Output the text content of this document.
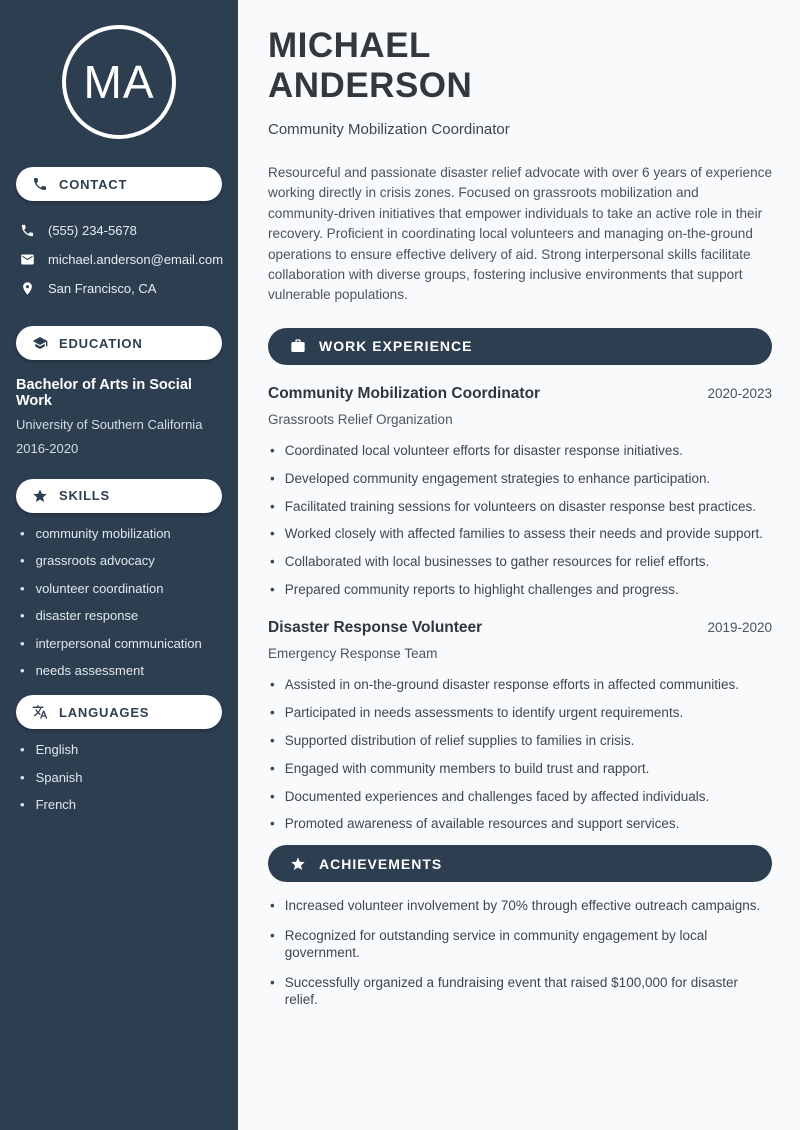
MA
CONTACT
(555) 234-5678
michael.anderson@email.com
San Francisco, CA
EDUCATION
Bachelor of Arts in Social Work
University of Southern California
2016-2020
SKILLS
• community mobilization
• grassroots advocacy
• volunteer coordination
• disaster response
• interpersonal communication
• needs assessment
LANGUAGES
• English
• Spanish
• French
MICHAEL
ANDERSON
Community Mobilization Coordinator

Resourceful and passionate disaster relief advocate with over 6 years of experience working directly in crisis zones. Focused on grassroots mobilization and community-driven initiatives that empower individuals to take an active role in their recovery. Proficient in coordinating local volunteers and managing on-the-ground operations to ensure effective delivery of aid. Strong interpersonal skills facilitate collaboration with diverse groups, fostering inclusive environments that support vulnerable populations.

WORK EXPERIENCE
Community Mobilization Coordinator	2020-2023
Grassroots Relief Organization
• Coordinated local volunteer efforts for disaster response initiatives.
• Developed community engagement strategies to enhance participation.
• Facilitated training sessions for volunteers on disaster response best practices.
• Worked closely with affected families to assess their needs and provide support.
• Collaborated with local businesses to gather resources for relief efforts.
• Prepared community reports to highlight challenges and progress.
Disaster Response Volunteer	2019-2020
Emergency Response Team
• Assisted in on-the-ground disaster response efforts in affected communities.
• Participated in needs assessments to identify urgent requirements.
• Supported distribution of relief supplies to families in crisis.
• Engaged with community members to build trust and rapport.
• Documented experiences and challenges faced by affected individuals.
• Promoted awareness of available resources and support services.
ACHIEVEMENTS
• Increased volunteer involvement by 70% through effective outreach campaigns.
• Recognized for outstanding service in community engagement by local government.
• Successfully organized a fundraising event that raised $100,000 for disaster relief.
